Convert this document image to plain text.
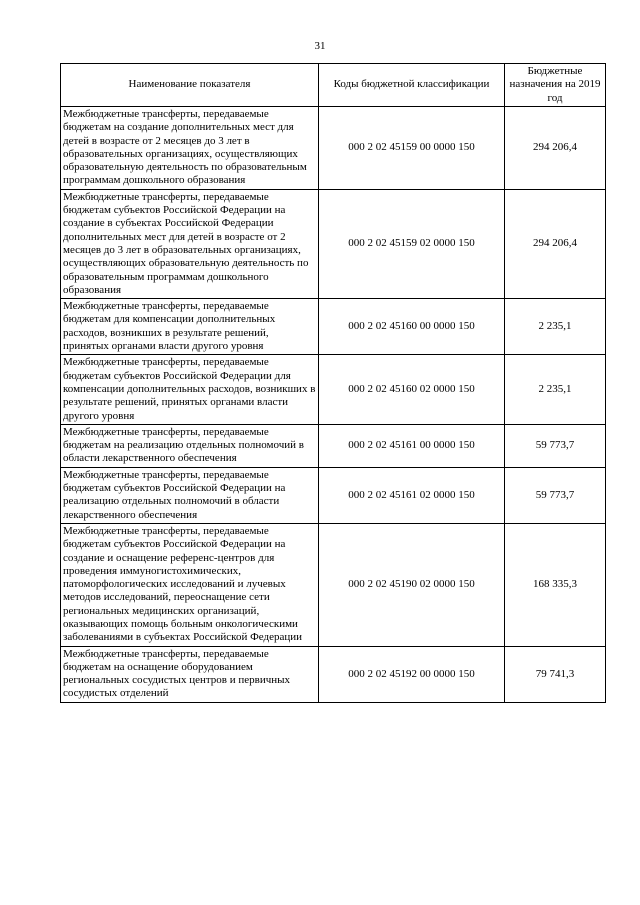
31
Наименование показателя	Коды бюджетной классификации	Бюджетные назначения на 2019 год
Межбюджетные трансферты, передаваемые бюджетам на создание дополнительных мест для детей в возрасте от 2 месяцев до 3 лет в образовательных организациях, осуществляющих образовательную деятельность по образовательным программам дошкольного образования	000 2 02 45159 00 0000 150	294 206,4
Межбюджетные трансферты, передаваемые бюджетам субъектов Российской Федерации на создание в субъектах Российской Федерации дополнительных мест для детей в возрасте от 2 месяцев до 3 лет в образовательных организациях, осуществляющих образовательную деятельность по образовательным программам дошкольного образования	000 2 02 45159 02 0000 150	294 206,4
Межбюджетные трансферты, передаваемые бюджетам для компенсации дополнительных расходов, возникших в результате решений, принятых органами власти другого уровня	000 2 02 45160 00 0000 150	2 235,1
Межбюджетные трансферты, передаваемые бюджетам субъектов Российской Федерации для компенсации дополнительных расходов, возникших в результате решений, принятых органами власти другого уровня	000 2 02 45160 02 0000 150	2 235,1
Межбюджетные трансферты, передаваемые бюджетам на реализацию отдельных полномочий в области лекарственного обеспечения	000 2 02 45161 00 0000 150	59 773,7
Межбюджетные трансферты, передаваемые бюджетам субъектов Российской Федерации на реализацию отдельных полномочий в области лекарственного обеспечения	000 2 02 45161 02 0000 150	59 773,7
Межбюджетные трансферты, передаваемые бюджетам субъектов Российской Федерации на создание и оснащение референс-центров для проведения иммуногистохимических, патоморфологических исследований и лучевых методов исследований, переоснащение сети региональных медицинских организаций, оказывающих помощь больным онкологическими заболеваниями в субъектах Российской Федерации	000 2 02 45190 02 0000 150	168 335,3
Межбюджетные трансферты, передаваемые бюджетам на оснащение оборудованием региональных сосудистых центров и первичных сосудистых отделений	000 2 02 45192 00 0000 150	79 741,3
